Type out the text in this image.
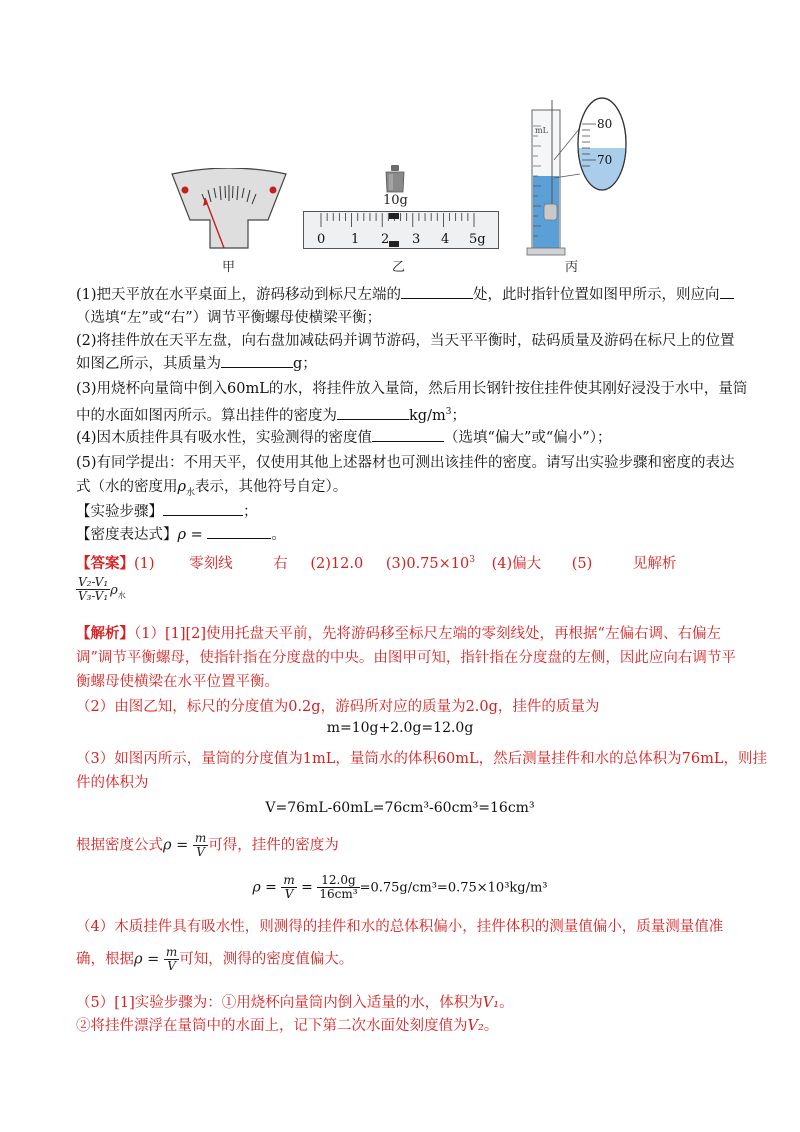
甲
10g
0 1 2 3 4 5g
乙
mL	80
70
丙
(1)把天平放在水平桌面上，游码移动到标尺左端的	处，此时指针位置如图甲所示，则应向
（选填“左”或“右”）调节平衡螺母使横梁平衡；
(2)将挂件放在天平左盘，向右盘加减砝码并调节游码，当天平平衡时，砝码质量及游码在标尺上的位置
如图乙所示，其质量为	g；
(3)用烧杯向量筒中倒入60mL的水，将挂件放入量筒，然后用长钢针按住挂件使其刚好浸没于水中，量筒
中的水面如图丙所示。算出挂件的密度为	$kg/m^3$；
(4)因木质挂件具有吸水性，实验测得的密度值	（选填“偏大”或“偏小”）；
(5)有同学提出：不用天平，仅使用其他上述器材也可测出该挂件的密度。请写出实验步骤和密度的表达
式（水的密度用$\rho_水$表示，其他符号自定）。
【实验步骤】	；
【密度表达式】ρ =	。
【答案】(1) 零刻线	右 (2)12.0 $(3)0.75\times 10^3$ (4)偏大 (5)	见解析
$\frac{\text{V₂-V₁}}{\text{V₃-V₁}} \rho_水$
【解析】（1）[1][2]使用托盘天平前，先将游码移至标尺左端的零刻线处，再根据“左偏右调、右偏左
调”调节平衡螺母，使指针指在分度盘的中央。由图甲可知，指针指在分度盘的左侧，因此应向右调节平
衡螺母使横梁在水平位置平衡。
（2）由图乙知，标尺的分度值为0.2g，游码所对应的质量为2.0g，挂件的质量为
m=10g+2.0g=12.0g
（3）如图丙所示，量筒的分度值为1mL，量筒水的体积60mL，然后测量挂件和水的总体积为76mL，则挂
件的体积为
V=76mL-60mL=76cm³-60cm³=16cm³
根据密度公式$\rho = \frac{m}{V}$ 可得，挂件的密度为
$\rho = \frac{m}{V} = \frac{12.0g}{\text{16cm³}} =0.75g/cm^3=0.75\times 10^3kg/m^3$
（4）木质挂件具有吸水性，则测得的挂件和水的总体积偏小，挂件体积的测量值偏小，质量测量值准
确，根据$\rho = \frac{m}{V}$ 可知，测得的密度值偏大。
（5）[1]实验步骤为：①用烧杯向量筒内倒入适量的水，体积为V₁。
②将挂件漂浮在量筒中的水面上，记下第二次水面处刻度值为V₂。
